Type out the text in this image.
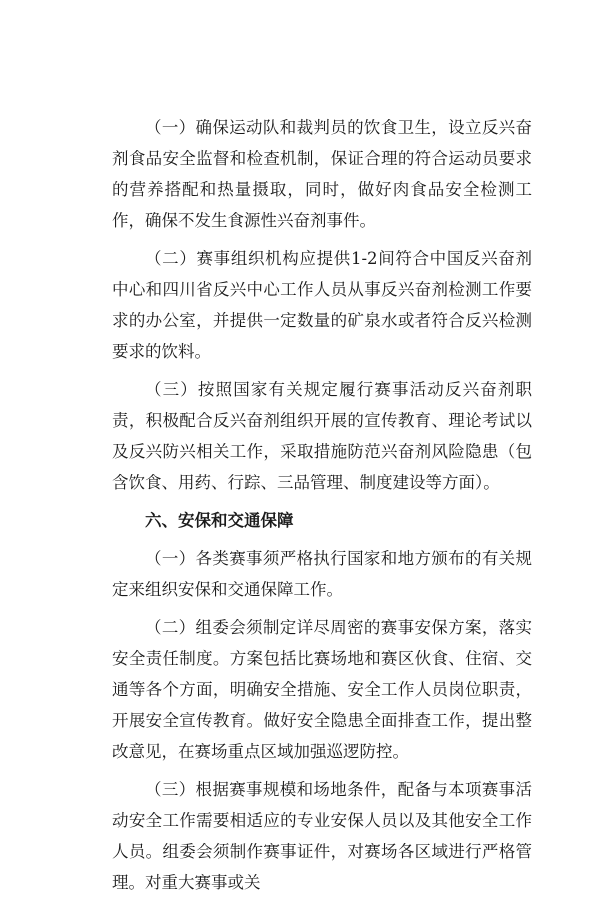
（一）确保运动队和裁判员的饮食卫生，设立反兴奋剂食品安全监督和检查机制，保证合理的符合运动员要求的营养搭配和热量摄取，同时，做好肉食品安全检测工作，确保不发生食源性兴奋剂事件。

（二）赛事组织机构应提供1-2间符合中国反兴奋剂中心和四川省反兴中心工作人员从事反兴奋剂检测工作要求的办公室，并提供一定数量的矿泉水或者符合反兴检测要求的饮料。

（三）按照国家有关规定履行赛事活动反兴奋剂职责，积极配合反兴奋剂组织开展的宣传教育、理论考试以及反兴防兴相关工作，采取措施防范兴奋剂风险隐患（包含饮食、用药、行踪、三品管理、制度建设等方面）。

六、安保和交通保障

（一）各类赛事须严格执行国家和地方颁布的有关规定来组织安保和交通保障工作。

（二）组委会须制定详尽周密的赛事安保方案，落实安全责任制度。方案包括比赛场地和赛区伙食、住宿、交通等各个方面，明确安全措施、安全工作人员岗位职责，开展安全宣传教育。做好安全隐患全面排查工作，提出整改意见，在赛场重点区域加强巡逻防控。

（三）根据赛事规模和场地条件，配备与本项赛事活动安全工作需要相适应的专业安保人员以及其他安全工作人员。组委会须制作赛事证件，对赛场各区域进行严格管理。对重大赛事或关
